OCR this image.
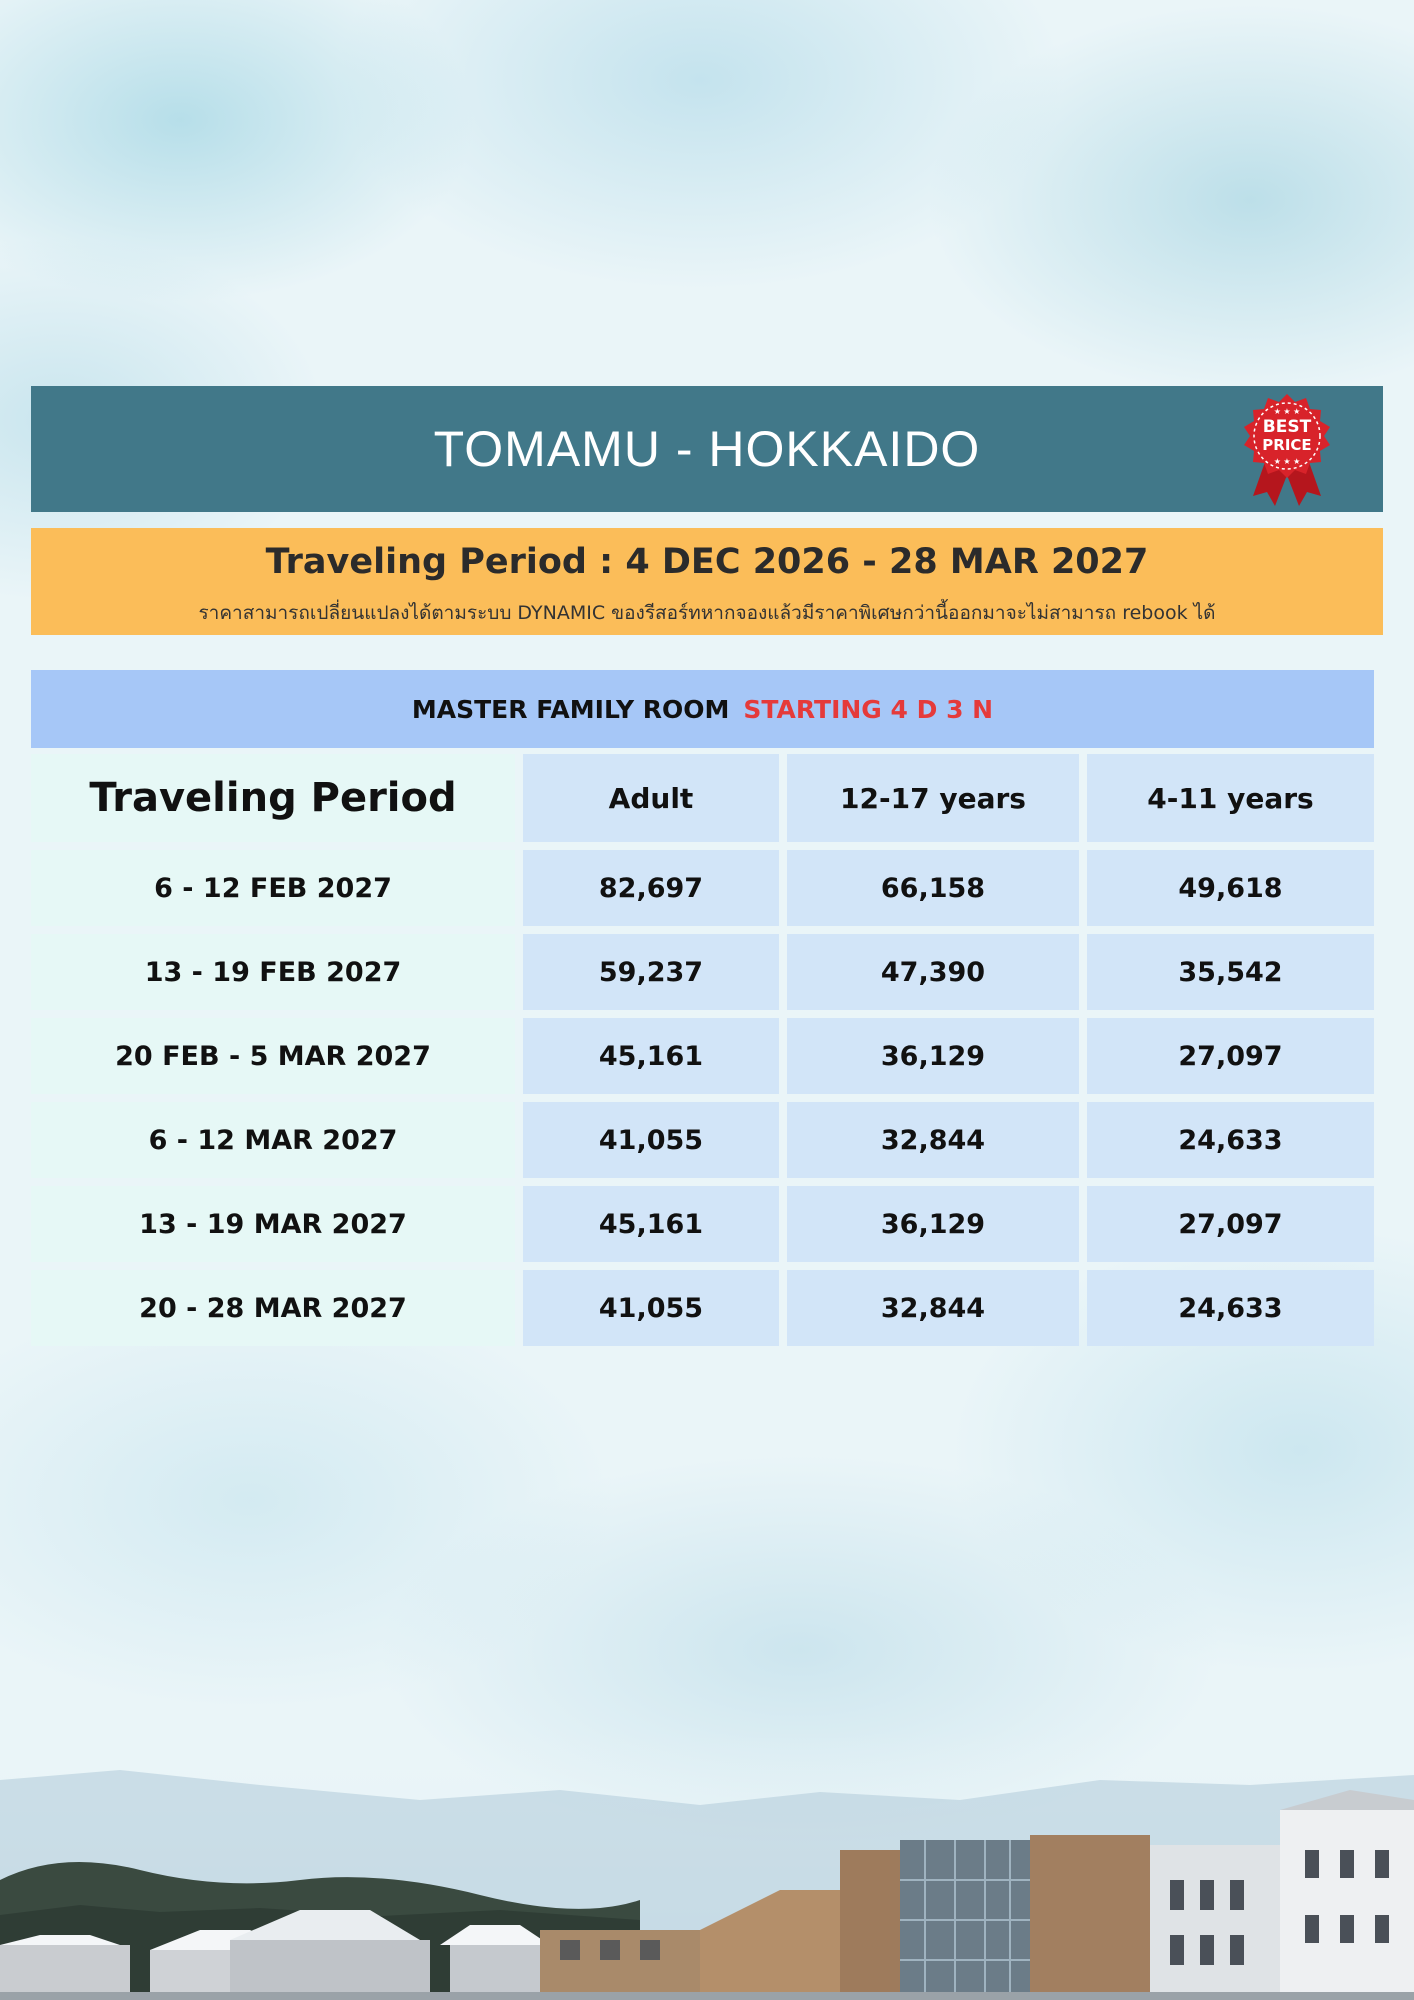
TOMAMU - HOKKAIDO	BEST
PRICE
★ ★ ★
★ ★ ★
Traveling Period : 4 DEC 2026 - 28 MAR 2027
ราคาสามารถเปลี่ยนแปลงได้ตามระบบ DYNAMIC ของรีสอร์ทหากจองแล้วมีราคาพิเศษกว่านี้ออกมาจะไม่สามารถ rebook ได้
MASTER FAMILY ROOM STARTING 4 D 3 N
Traveling Period	Adult	12-17 years	4-11 years
6 - 12 FEB 2027	82,697	66,158	49,618
13 - 19 FEB 2027	59,237	47,390	35,542
20 FEB - 5 MAR 2027	45,161	36,129	27,097
6 - 12 MAR 2027	41,055	32,844	24,633
13 - 19 MAR 2027	45,161	36,129	27,097
20 - 28 MAR 2027	41,055	32,844	24,633
